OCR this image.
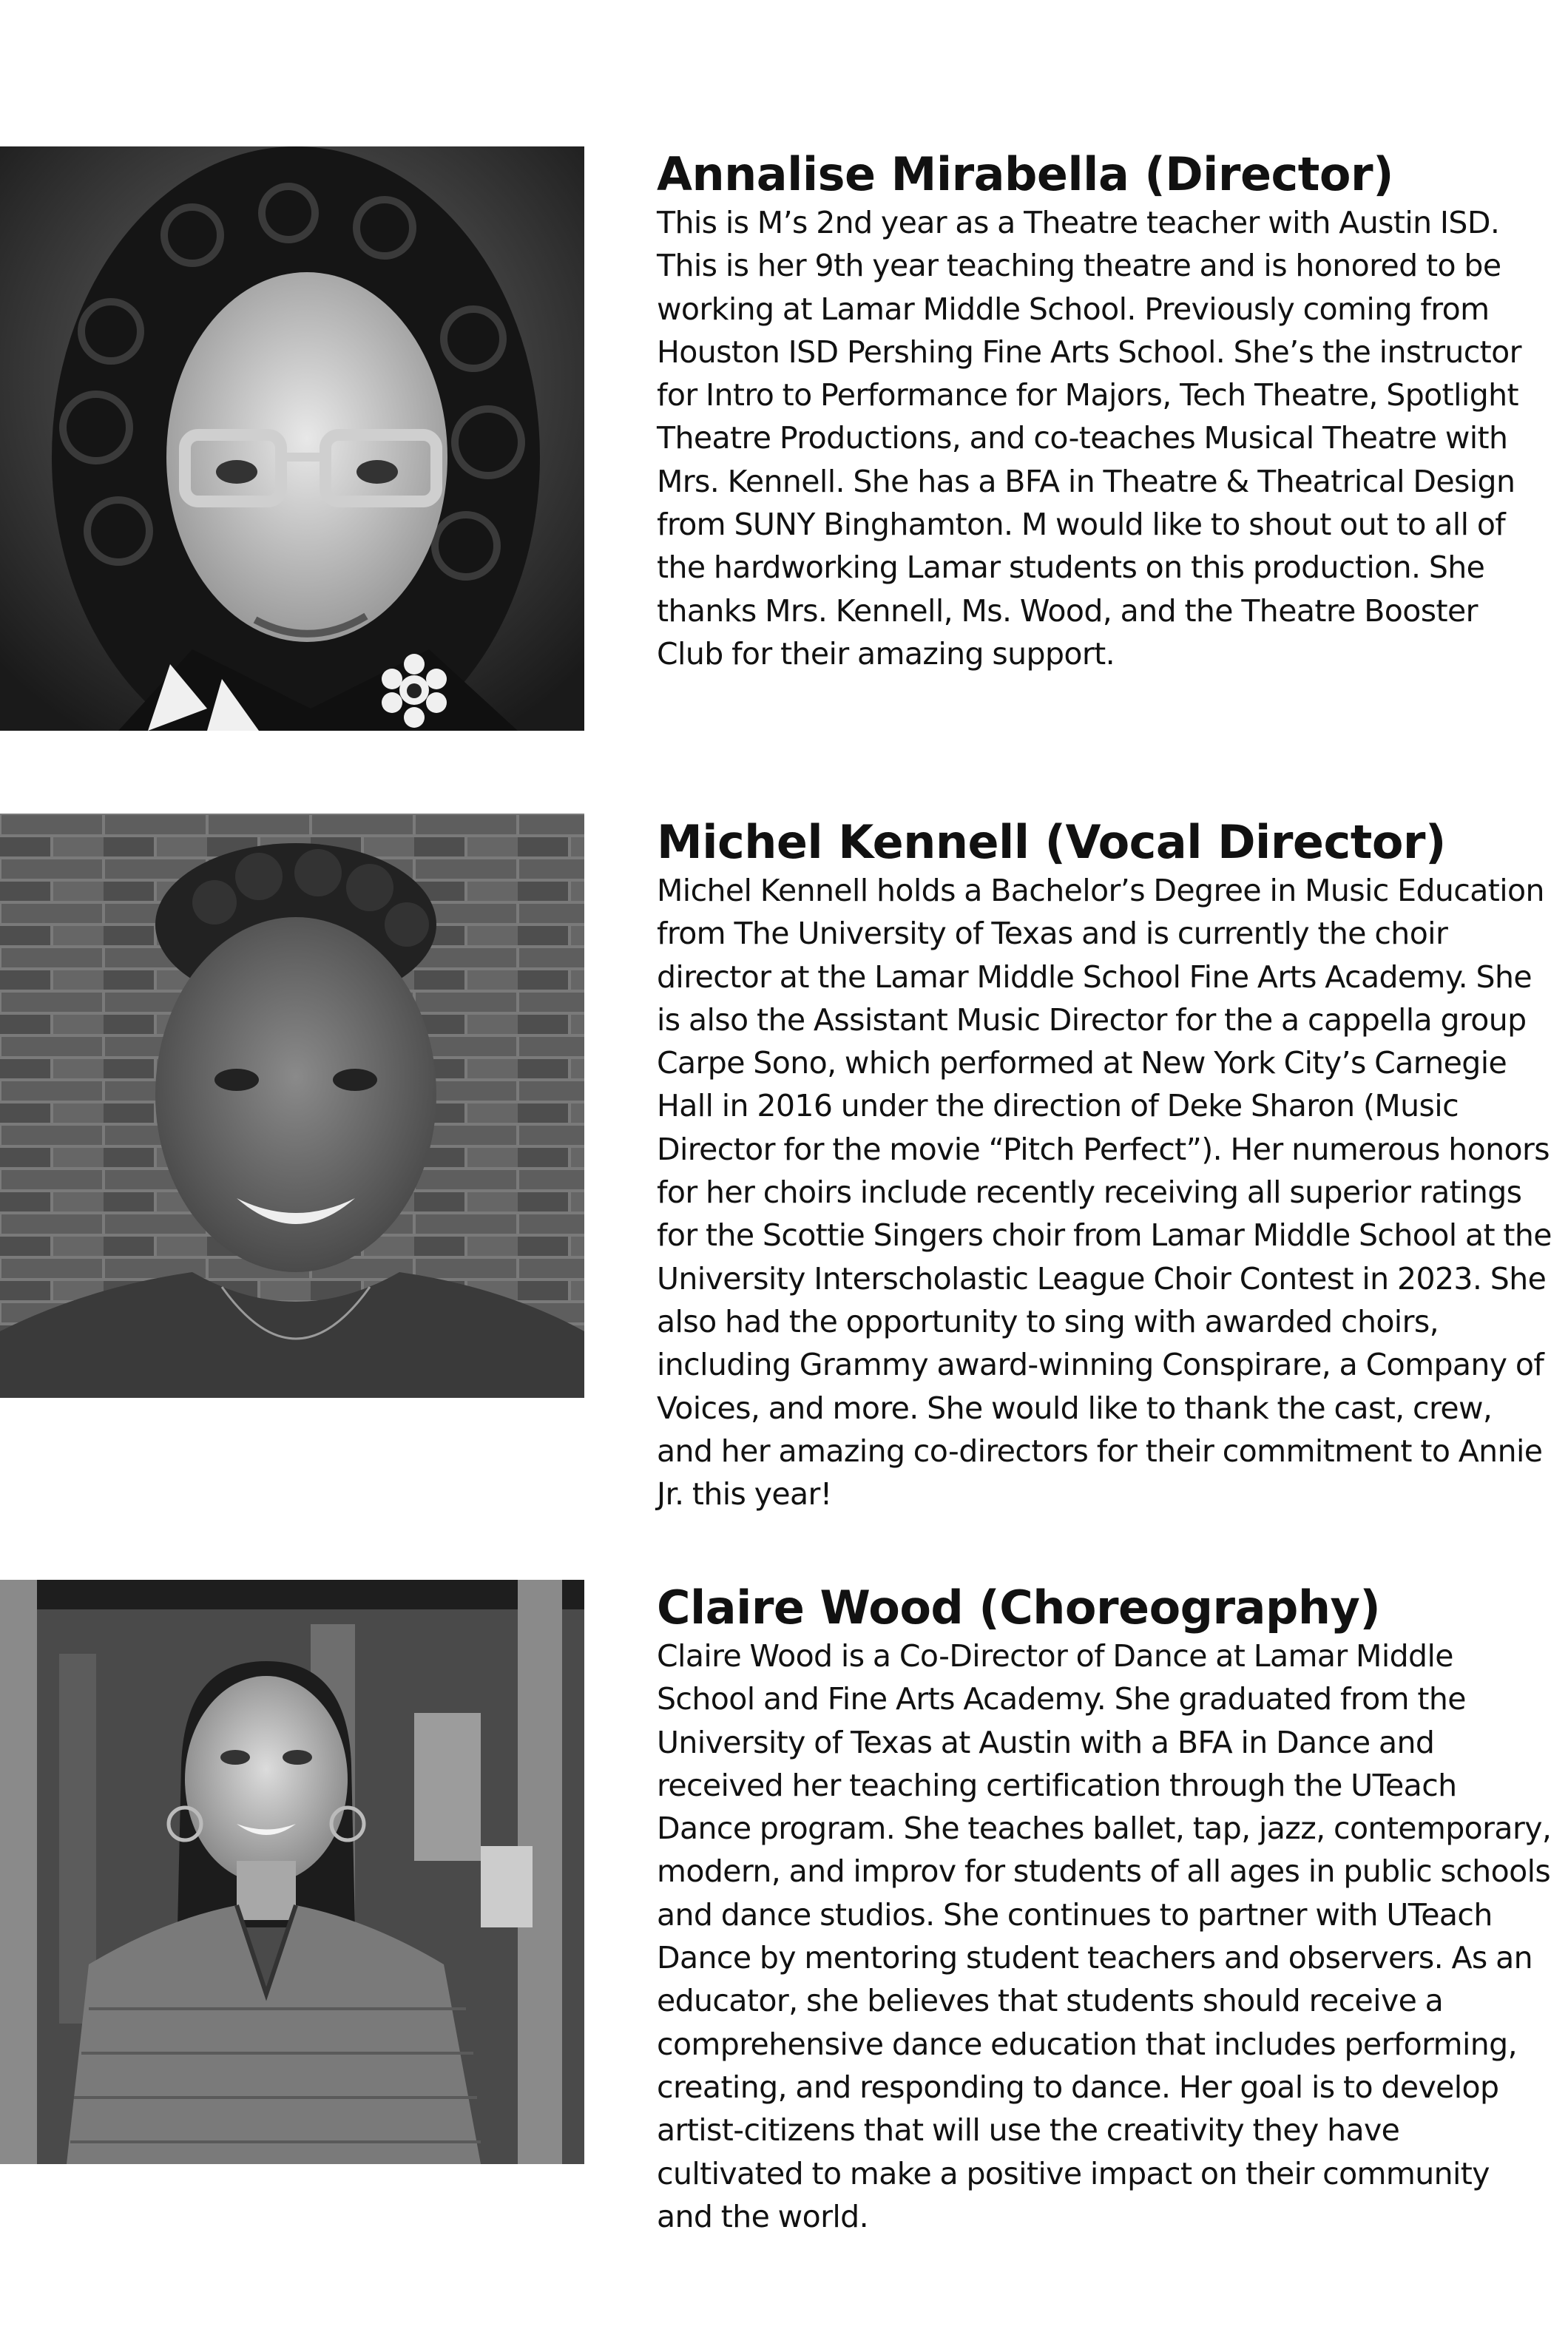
Annalise Mirabella (Director)

This is M’s 2nd year as a Theatre teacher with Austin ISD. This is her 9th year teaching theatre and is honored to be working at Lamar Middle School. Previously coming from Houston ISD Pershing Fine Arts School. She’s the instructor for Intro to Performance for Majors, Tech Theatre, Spotlight Theatre Productions, and co-teaches Musical Theatre with Mrs. Kennell. She has a BFA in Theatre & Theatrical Design from SUNY Binghamton. M would like to shout out to all of the hardworking Lamar students on this production. She thanks Mrs. Kennell, Ms. Wood, and the Theatre Booster Club for their amazing support.

Michel Kennell (Vocal Director)

Michel Kennell holds a Bachelor’s Degree in Music Education from The University of Texas and is currently the choir director at the Lamar Middle School Fine Arts Academy. She is also the Assistant Music Director for the a cappella group Carpe Sono, which performed at New York City’s Carnegie Hall in 2016 under the direction of Deke Sharon (Music Director for the movie “Pitch Perfect”). Her numerous honors for her choirs include recently receiving all superior ratings for the Scottie Singers choir from Lamar Middle School at the University Interscholastic League Choir Contest in 2023. She also had the opportunity to sing with awarded choirs, including Grammy award-winning Conspirare, a Company of Voices, and more. She would like to thank the cast, crew, and her amazing co-directors for their commitment to Annie Jr. this year!

Claire Wood (Choreography)

Claire Wood is a Co-Director of Dance at Lamar Middle School and Fine Arts Academy. She graduated from the University of Texas at Austin with a BFA in Dance and received her teaching certification through the UTeach Dance program. She teaches ballet, tap, jazz, contemporary, modern, and improv for students of all ages in public schools and dance studios. She continues to partner with UTeach Dance by mentoring student teachers and observers. As an educator, she believes that students should receive a comprehensive dance education that includes performing, creating, and responding to dance. Her goal is to develop artist-citizens that will use the creativity they have cultivated to make a positive impact on their community and the world.
